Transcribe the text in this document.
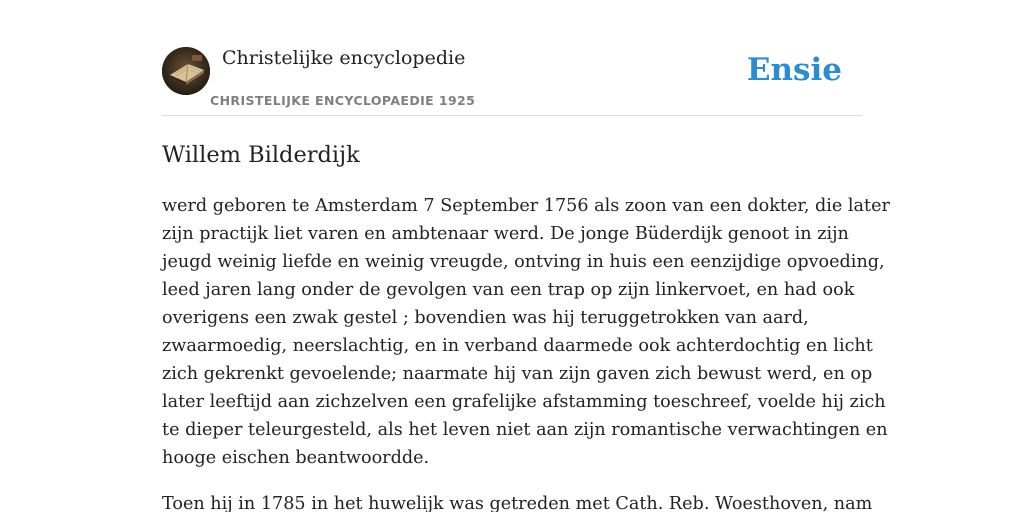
Christelijke encyclopedie
CHRISTELIJKE ENCYCLOPAEDIE 1925
Ensie
Willem Bilderdijk

werd geboren te Amsterdam 7 September 1756 als zoon van een dokter, die later
zijn practijk liet varen en ambtenaar werd. De jonge Büderdijk genoot in zijn
jeugd weinig liefde en weinig vreugde, ontving in huis een eenzijdige opvoeding,
leed jaren lang onder de gevolgen van een trap op zijn linkervoet, en had ook
overigens een zwak gestel ; bovendien was hij teruggetrokken van aard,
zwaarmoedig, neerslachtig, en in verband daarmede ook achterdochtig en licht
zich gekrenkt gevoelende; naarmate hij van zijn gaven zich bewust werd, en op
later leeftijd aan zichzelven een grafelijke afstamming toeschreef, voelde hij zich
te dieper teleurgesteld, als het leven niet aan zijn romantische verwachtingen en
hooge eischen beantwoordde.

Toen hij in 1785 in het huwelijk was getreden met Cath. Reb. Woesthoven, nam
